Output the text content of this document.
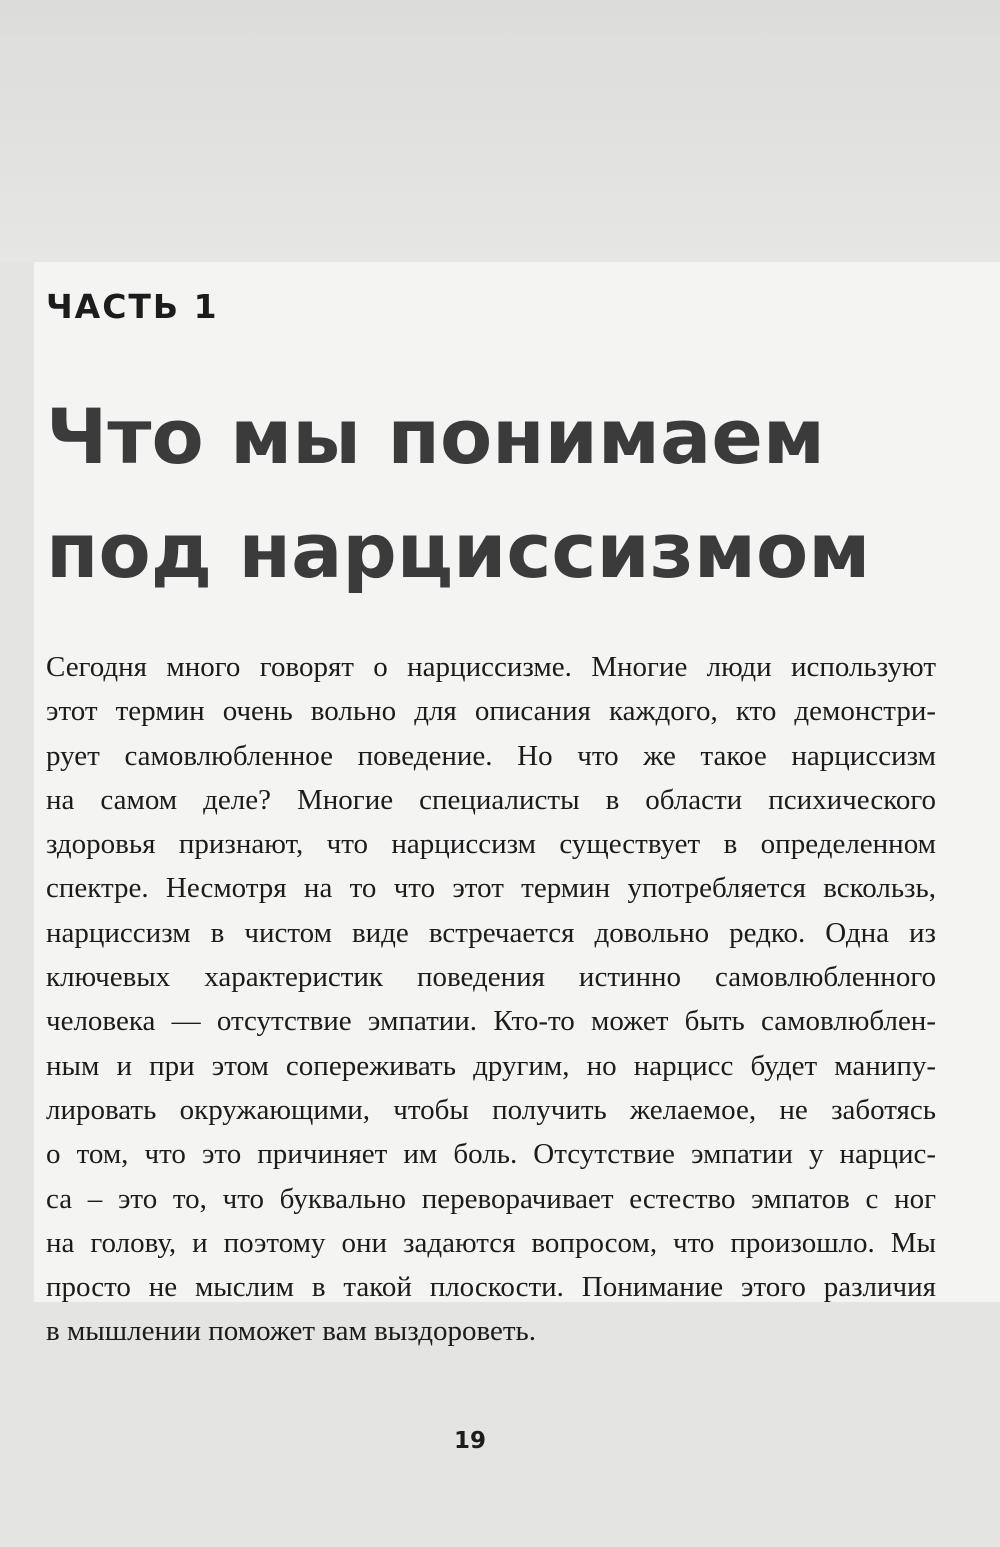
ЧАСТЬ 1
Что мы понимаем
под нарциссизмом

Сегодня много говорят о нарциссизме. Многие люди используют
этот термин очень вольно для описания каждого, кто демонстри-
рует самовлюбленное поведение. Но что же такое нарциссизм
на самом деле? Многие специалисты в области психического
здоровья признают, что нарциссизм существует в определенном
спектре. Несмотря на то что этот термин употребляется вскользь,
нарциссизм в чистом виде встречается довольно редко. Одна из
ключевых характеристик поведения истинно самовлюбленного
человека — отсутствие эмпатии. Кто-то может быть самовлюблен-
ным и при этом сопереживать другим, но нарцисс будет манипу-
лировать окружающими, чтобы получить желаемое, не заботясь
о том, что это причиняет им боль. Отсутствие эмпатии у нарцис-
са – это то, что буквально переворачивает естество эмпатов с ног
на голову, и поэтому они задаются вопросом, что произошло. Мы
просто не мыслим в такой плоскости. Понимание этого различия
в мышлении поможет вам выздороветь.

19
